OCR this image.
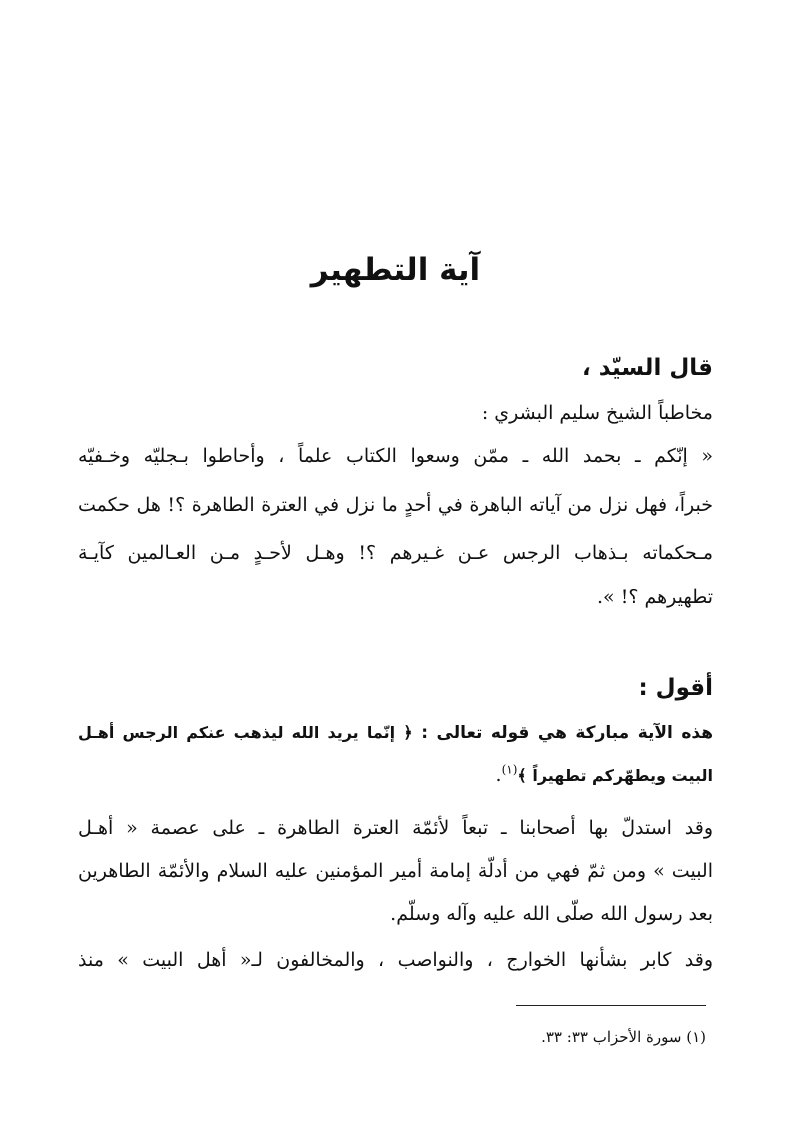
آية التطهير
قال السيّد ،
مخاطباً الشيخ سليم البشري :
« إنّكم ـ بحمد الله ـ ممّن وسعوا الكتاب علماً ، وأحاطوا بـجليّه وخـفيّه
خبراً، فهل نزل من آياته الباهرة في أحدٍ ما نزل في العترة الطاهرة ؟! هل حكمت
مـحكماته بـذهاب الرجس عـن غـيرهم ؟! وهـل لأحـدٍ مـن العـالمين كآيـة
تطهيرهم ؟! ».
أقول :
هذه الآية مباركة هي قوله تعالى : ﴿ إنّما يريد الله ليذهب عنكم الرجس أهـل
البيت ويطهّركم تطهيراً ﴾$^{(١)}$.
وقد استدلّ بها أصحابنا ـ تبعاً لأئمّة العترة الطاهرة ـ على عصمة « أهـل
البيت » ومن ثمّ فهي من أدلّة إمامة أمير المؤمنين عليه السلام والأئمّة الطاهرين
بعد رسول الله صلّى الله عليه وآله وسلّم.
وقد كابر بشأنها الخوارج ، والنواصب ، والمخالفون لـ« أهل البيت » منذ
(١) سورة الأحزاب ٣٣: ٣٣.
